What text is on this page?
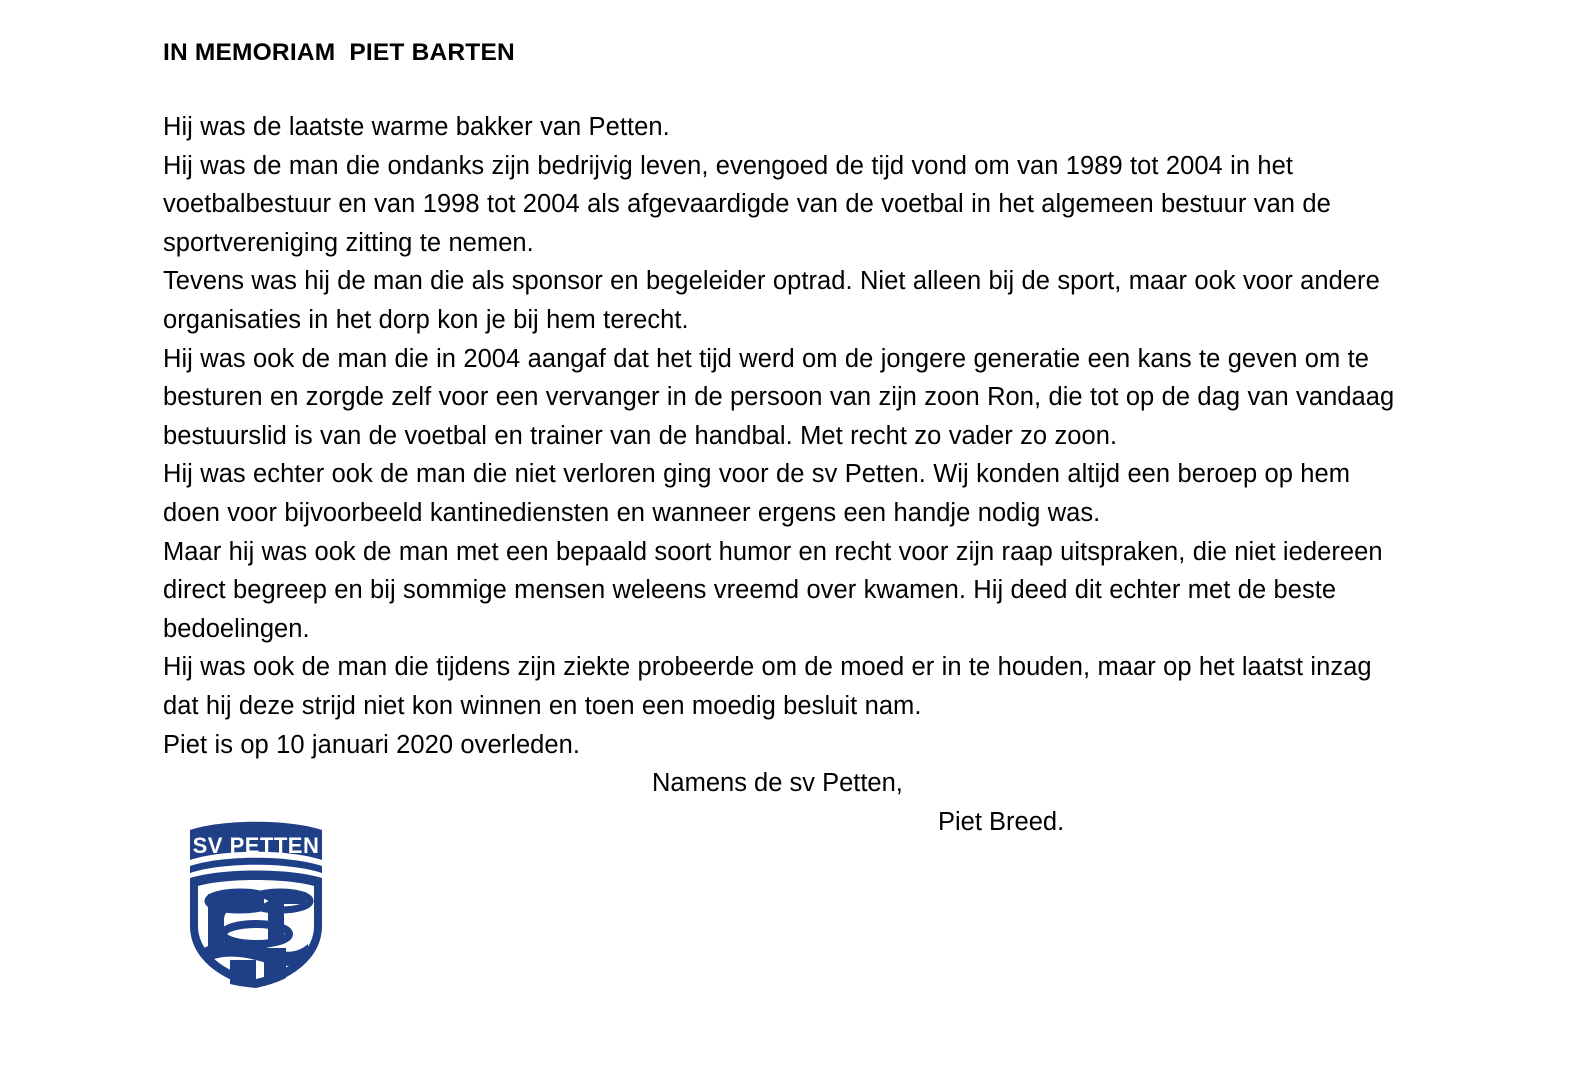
IN MEMORIAM  PIET BARTEN

Hij was de laatste warme bakker van Petten.

Hij was de man die ondanks zijn bedrijvig leven, evengoed de tijd vond om van 1989 tot 2004 in het voetbalbestuur en van 1998 tot 2004 als afgevaardigde van de voetbal in het algemeen bestuur van de sportvereniging zitting te nemen.

Tevens was hij de man die als sponsor en begeleider optrad. Niet alleen bij de sport, maar ook voor andere organisaties in het dorp kon je bij hem terecht.

Hij was ook de man die in 2004 aangaf dat het tijd werd om de jongere generatie een kans te geven om te besturen en zorgde zelf voor een vervanger in de persoon van zijn zoon Ron, die tot op de dag van vandaag bestuurslid is van de voetbal en trainer van de handbal. Met recht zo vader zo zoon.

Hij was echter ook de man die niet verloren ging voor de sv Petten. Wij konden altijd een beroep op hem doen voor bijvoorbeeld kantinediensten en wanneer ergens een handje nodig was.

Maar hij was ook de man met een bepaald soort humor en recht voor zijn raap uitspraken, die niet iedereen direct begreep en bij sommige mensen weleens vreemd over kwamen. Hij deed dit echter met de beste bedoelingen.

Hij was ook de man die tijdens zijn ziekte probeerde om de moed er in te houden, maar op het laatst inzag dat hij deze strijd niet kon winnen en toen een moedig besluit nam.

Piet is op 10 januari 2020 overleden.

Namens de sv Petten,

Piet Breed.

SV PETTEN
